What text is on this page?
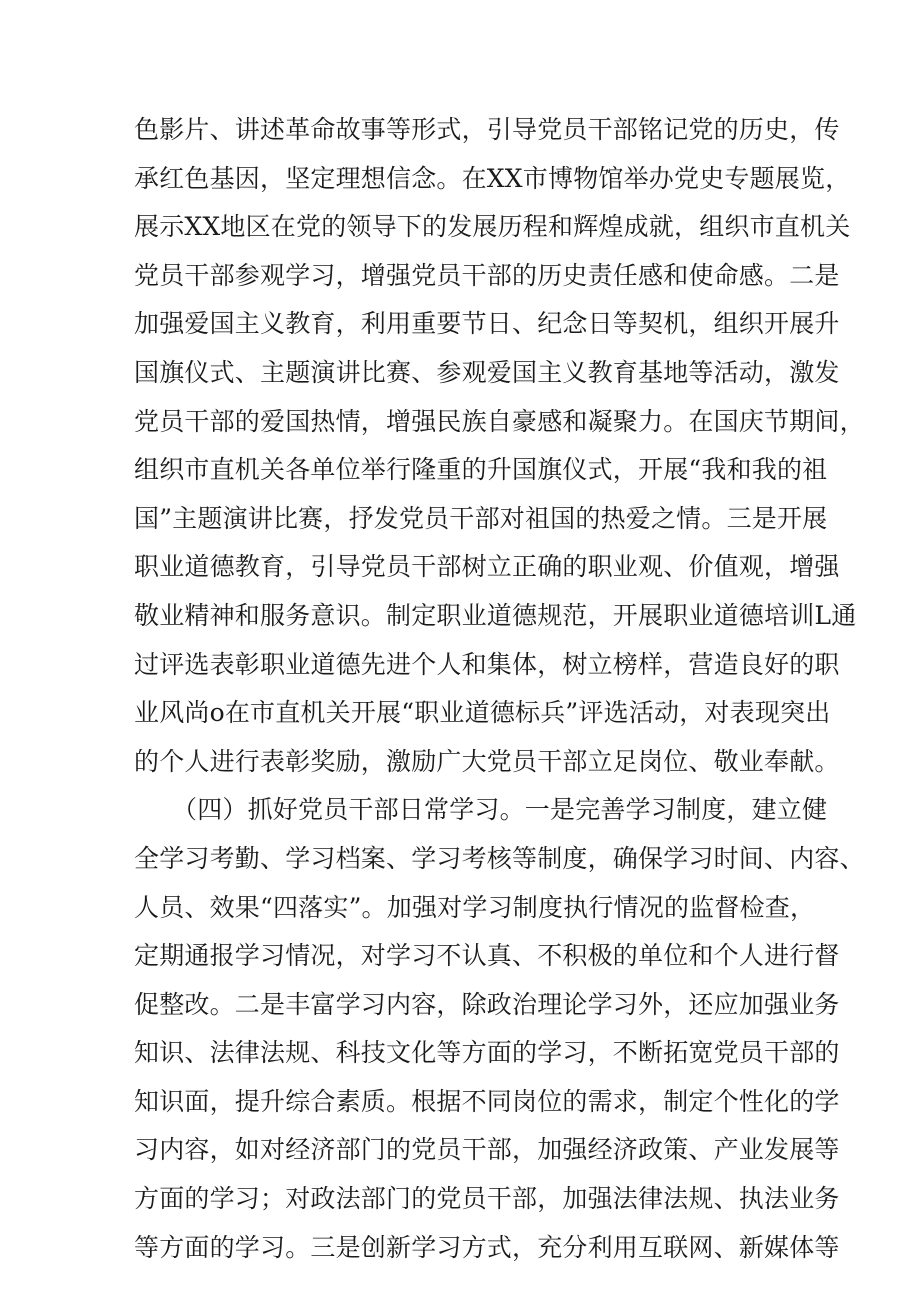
色影片、讲述革命故事等形式，引导党员干部铭记党的历史，传
承红色基因，坚定理想信念。在XX市博物馆举办党史专题展览，
展示XX地区在党的领导下的发展历程和辉煌成就，组织市直机关
党员干部参观学习，增强党员干部的历史责任感和使命感。二是
加强爱国主义教育，利用重要节日、纪念日等契机，组织开展升
国旗仪式、主题演讲比赛、参观爱国主义教育基地等活动，激发
党员干部的爱国热情，增强民族自豪感和凝聚力。在国庆节期间，
组织市直机关各单位举行隆重的升国旗仪式，开展“我和我的祖
国”主题演讲比赛，抒发党员干部对祖国的热爱之情。三是开展
职业道德教育，引导党员干部树立正确的职业观、价值观，增强
敬业精神和服务意识。制定职业道德规范，开展职业道德培训L通
过评选表彰职业道德先进个人和集体，树立榜样，营造良好的职
业风尚o在市直机关开展“职业道德标兵”评选活动，对表现突出
的个人进行表彰奖励，激励广大党员干部立足岗位、敬业奉献。
（四）抓好党员干部日常学习。一是完善学习制度，建立健
全学习考勤、学习档案、学习考核等制度，确保学习时间、内容、
人员、效果“四落实”。加强对学习制度执行情况的监督检查，
定期通报学习情况，对学习不认真、不积极的单位和个人进行督
促整改。二是丰富学习内容，除政治理论学习外，还应加强业务
知识、法律法规、科技文化等方面的学习，不断拓宽党员干部的
知识面，提升综合素质。根据不同岗位的需求，制定个性化的学
习内容，如对经济部门的党员干部，加强经济政策、产业发展等
方面的学习；对政法部门的党员干部，加强法律法规、执法业务
等方面的学习。三是创新学习方式，充分利用互联网、新媒体等
